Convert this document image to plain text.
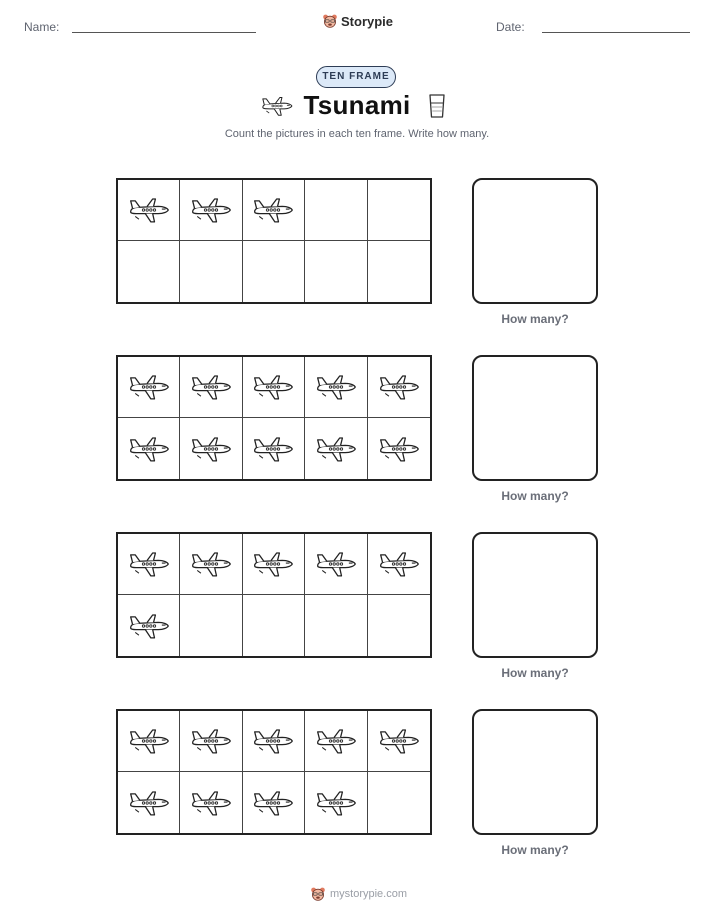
Name:	Storypie	Date:
TEN FRAME
Tsunami
Count the pictures in each ten frame. Write how many.
How many?
How many?
How many?
How many?
mystorypie.com
